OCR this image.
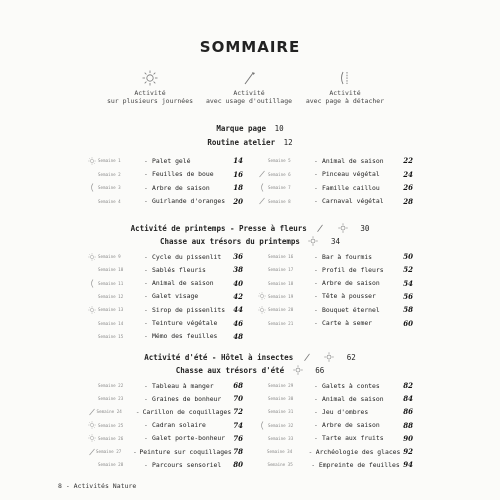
SOMMAIRE
Activité
sur plusieurs journées
Activité
avec usage d'outillage
Activité
avec page à détacher
Marque page 10
Routine atelier 12
Semaine 1	- Palet gelé	14
Semaine 2	- Feuilles de boue	16
Semaine 3	- Arbre de saison	18
Semaine 4	- Guirlande d'oranges	20
Semaine 5	- Animal de saison	22
Semaine 6	- Pinceau végétal	24
Semaine 7	- Famille caillou	26
Semaine 8	- Carnaval végétal	28
Activité de printemps - Presse à fleurs	30
Chasse aux trésors du printemps	34
Semaine 9	- Cycle du pissenlit	36
Semaine 10	- Sablés fleuris	38
Semaine 11	- Animal de saison	40
Semaine 12	- Galet visage	42
Semaine 13	- Sirop de pissenlits	44
Semaine 14	- Teinture végétale	46
Semaine 15	- Mémo des feuilles	48
Semaine 16	- Bar à fourmis	50
Semaine 17	- Profil de fleurs	52
Semaine 18	- Arbre de saison	54
Semaine 19	- Tête à pousser	56
Semaine 20	- Bouquet éternel	58
Semaine 21	- Carte à semer	60
Activité d'été - Hôtel à insectes	62
Chasse aux trésors d'été	66
Semaine 22	- Tableau à manger	68
Semaine 23	- Graines de bonheur	70
Semaine 24	- Carillon de coquillages 72
Semaine 25	- Cadran solaire	74
Semaine 26	- Galet porte-bonheur	76
Semaine 27	- Peinture sur coquillages 78
Semaine 28	- Parcours sensoriel	80
Semaine 29	- Galets à contes	82
Semaine 30	- Animal de saison	84
Semaine 31	- Jeu d'ombres	86
Semaine 32	- Arbre de saison	88
Semaine 33	- Tarte aux fruits	90
Semaine 34	- Archéologie des glaces 92
Semaine 35	- Empreinte de feuilles 94
8 - Activités Nature
